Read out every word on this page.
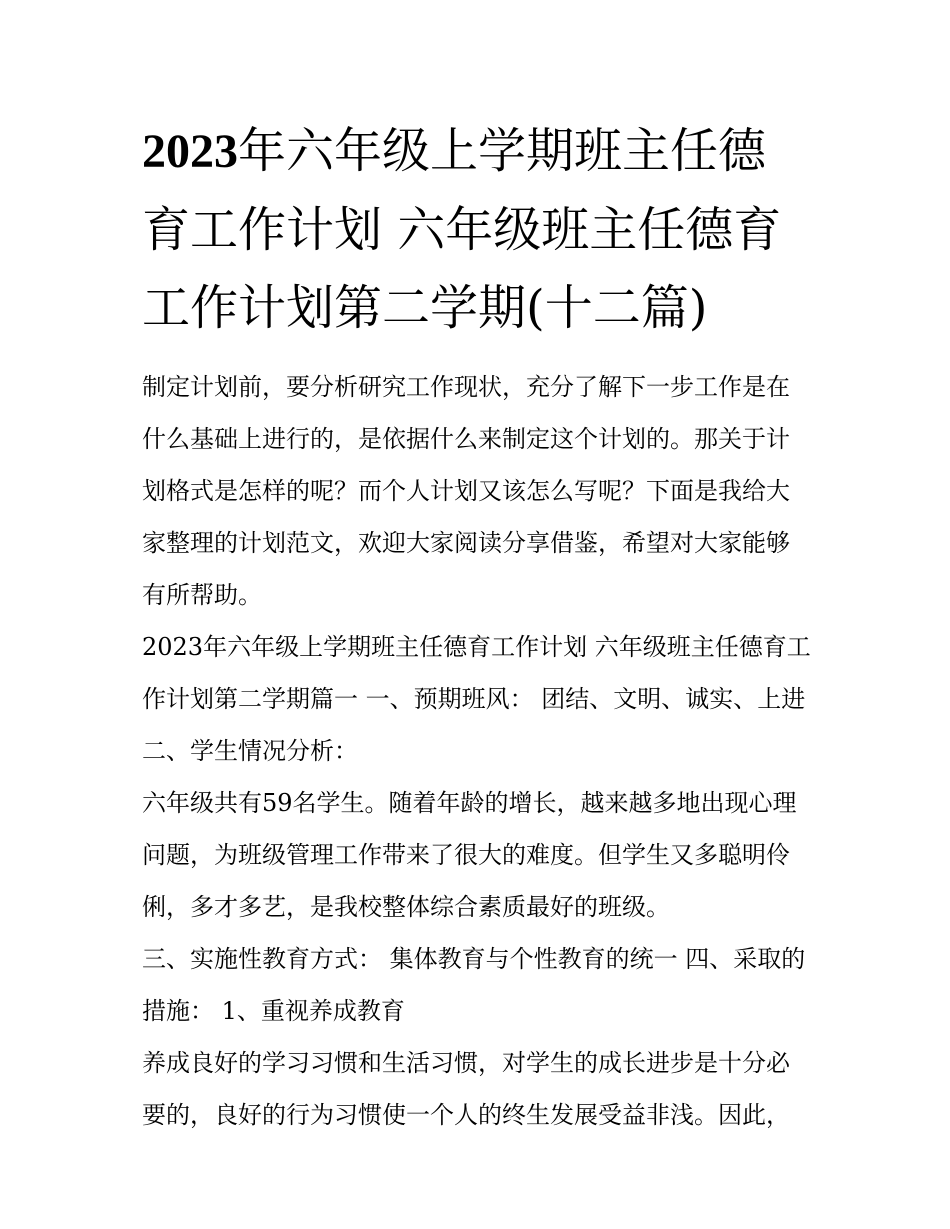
2023年六年级上学期班主任德育工作计划 六年级班主任德育工作计划第二学期(十二篇)

制定计划前，要分析研究工作现状，充分了解下一步工作是在什么基础上进行的，是依据什么来制定这个计划的。那关于计划格式是怎样的呢？而个人计划又该怎么写呢？下面是我给大家整理的计划范文，欢迎大家阅读分享借鉴，希望对大家能够有所帮助。

2023年六年级上学期班主任德育工作计划 六年级班主任德育工作计划第二学期篇一 一、预期班风： 团结、文明、诚实、上进 二、学生情况分析：

六年级共有59名学生。随着年龄的增长，越来越多地出现心理问题，为班级管理工作带来了很大的难度。但学生又多聪明伶俐，多才多艺，是我校整体综合素质最好的班级。

三、实施性教育方式： 集体教育与个性教育的统一 四、采取的措施： 1、重视养成教育

养成良好的学习习惯和生活习惯，对学生的成长进步是十分必要的，良好的行为习惯使一个人的终生发展受益非浅。因此，
